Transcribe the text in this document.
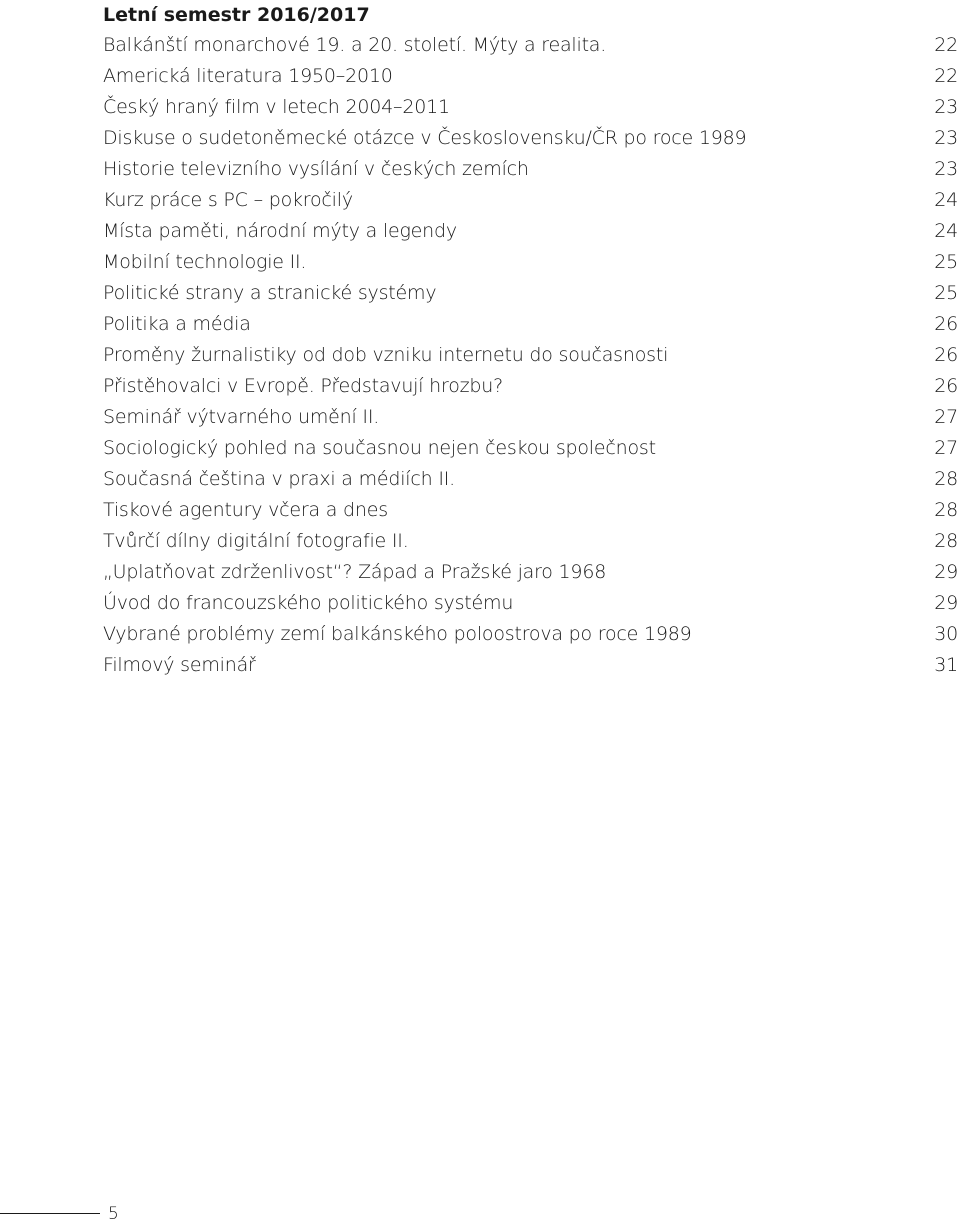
Letní semestr 2016/2017
Balkánští monarchové 19. a 20. století. Mýty a realita.	22
Americká literatura 1950–2010	22
Český hraný film v letech 2004–2011	23
Diskuse o sudetoněmecké otázce v Československu/ČR po roce 1989	23
Historie televizního vysílání v českých zemích	23
Kurz práce s PC – pokročilý	24
Místa paměti, národní mýty a legendy	24
Mobilní technologie II.	25
Politické strany a stranické systémy	25
Politika a média	26
Proměny žurnalistiky od dob vzniku internetu do současnosti	26
Přistěhovalci v Evropě. Představují hrozbu?	26
Seminář výtvarného umění II.	27
Sociologický pohled na současnou nejen českou společnost	27
Současná čeština v praxi a médiích II.	28
Tiskové agentury včera a dnes	28
Tvůrčí dílny digitální fotografie II.	28
„Uplatňovat zdrženlivost“? Západ a Pražské jaro 1968	29
Úvod do francouzského politického systému	29
Vybrané problémy zemí balkánského poloostrova po roce 1989	30
Filmový seminář	31
5
